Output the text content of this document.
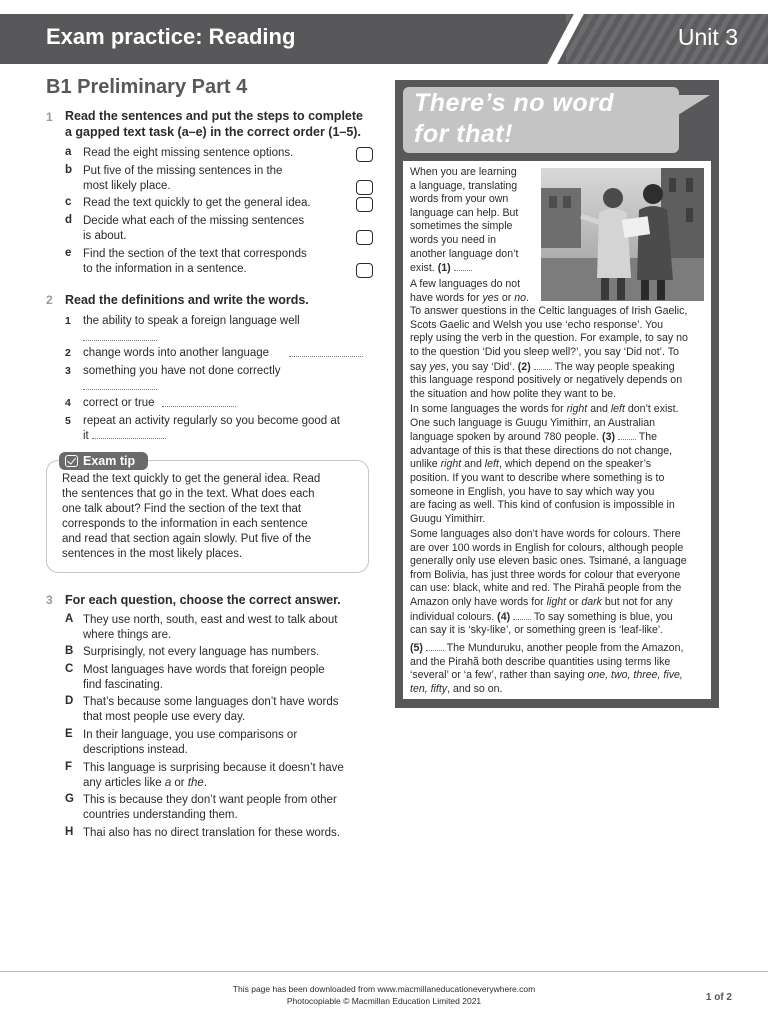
Exam practice: Reading	Unit 3
B1 Preliminary Part 4
1 Read the sentences and put the steps to complete
a gapped text task (a–e) in the correct order (1–5).
a Read the eight missing sentence options.
b Put five of the missing sentences in the
most likely place.
c Read the text quickly to get the general idea.
d Decide what each of the missing sentences
is about.
e Find the section of the text that corresponds
to the information in a sentence.
2 Read the definitions and write the words.
1 the ability to speak a foreign language well
2 change words into another language
3 something you have not done correctly
4 correct or true
5 repeat an activity regularly so you become good at
it
Exam tip
Read the text quickly to get the general idea. Read
the sentences that go in the text. What does each
one talk about? Find the section of the text that
corresponds to the information in each sentence
and read that section again slowly. Put five of the
sentences in the most likely places.
3 For each question, choose the correct answer.
A They use north, south, east and west to talk about
where things are.
B Surprisingly, not every language has numbers.
C Most languages have words that foreign people
find fascinating.
D That’s because some languages don’t have words
that most people use every day.
E In their language, you use comparisons or
descriptions instead.
F This language is surprising because it doesn’t have
any articles like a or the.
G This is because they don’t want people from other
countries understanding them.
H Thai also has no direct translation for these words.
There’s no word
for that!
When you are learning
a language, translating
words from your own
language can help. But
sometimes the simple
words you need in
another language don’t
exist. (1)
A few languages do not
have words for yes or no.
To answer questions in the Celtic languages of Irish Gaelic,
Scots Gaelic and Welsh you use ‘echo response’. You
reply using the verb in the question. For example, to say no
to the question ‘Did you sleep well?’, you say ‘Did not’. To
say yes, you say ‘Did’. (2) The way people speaking
this language respond positively or negatively depends on
the situation and how polite they want to be.
In some languages the words for right and left don’t exist.
One such language is Guugu Yimithirr, an Australian
language spoken by around 780 people. (3) The
advantage of this is that these directions do not change,
unlike right and left, which depend on the speaker’s
position. If you want to describe where something is to
someone in English, you have to say which way you
are facing as well. This kind of confusion is impossible in
Guugu Yimithirr.
Some languages also don’t have words for colours. There
are over 100 words in English for colours, although people
generally only use eleven basic ones. Tsimané, a language
from Bolivia, has just three words for colour that everyone
can use: black, white and red. The Pirahã people from the
Amazon only have words for light or dark but not for any
individual colours. (4) To say something is blue, you
can say it is ‘sky-like’, or something green is ‘leaf-like’.
(5) The Munduruku, another people from the Amazon,
and the Pirahã both describe quantities using terms like
‘several’ or ‘a few’, rather than saying one, two, three, five,
ten, fifty, and so on.
This page has been downloaded from www.macmillaneducationeverywhere.com
Photocopiable © Macmillan Education Limited 2021	1 of 2
